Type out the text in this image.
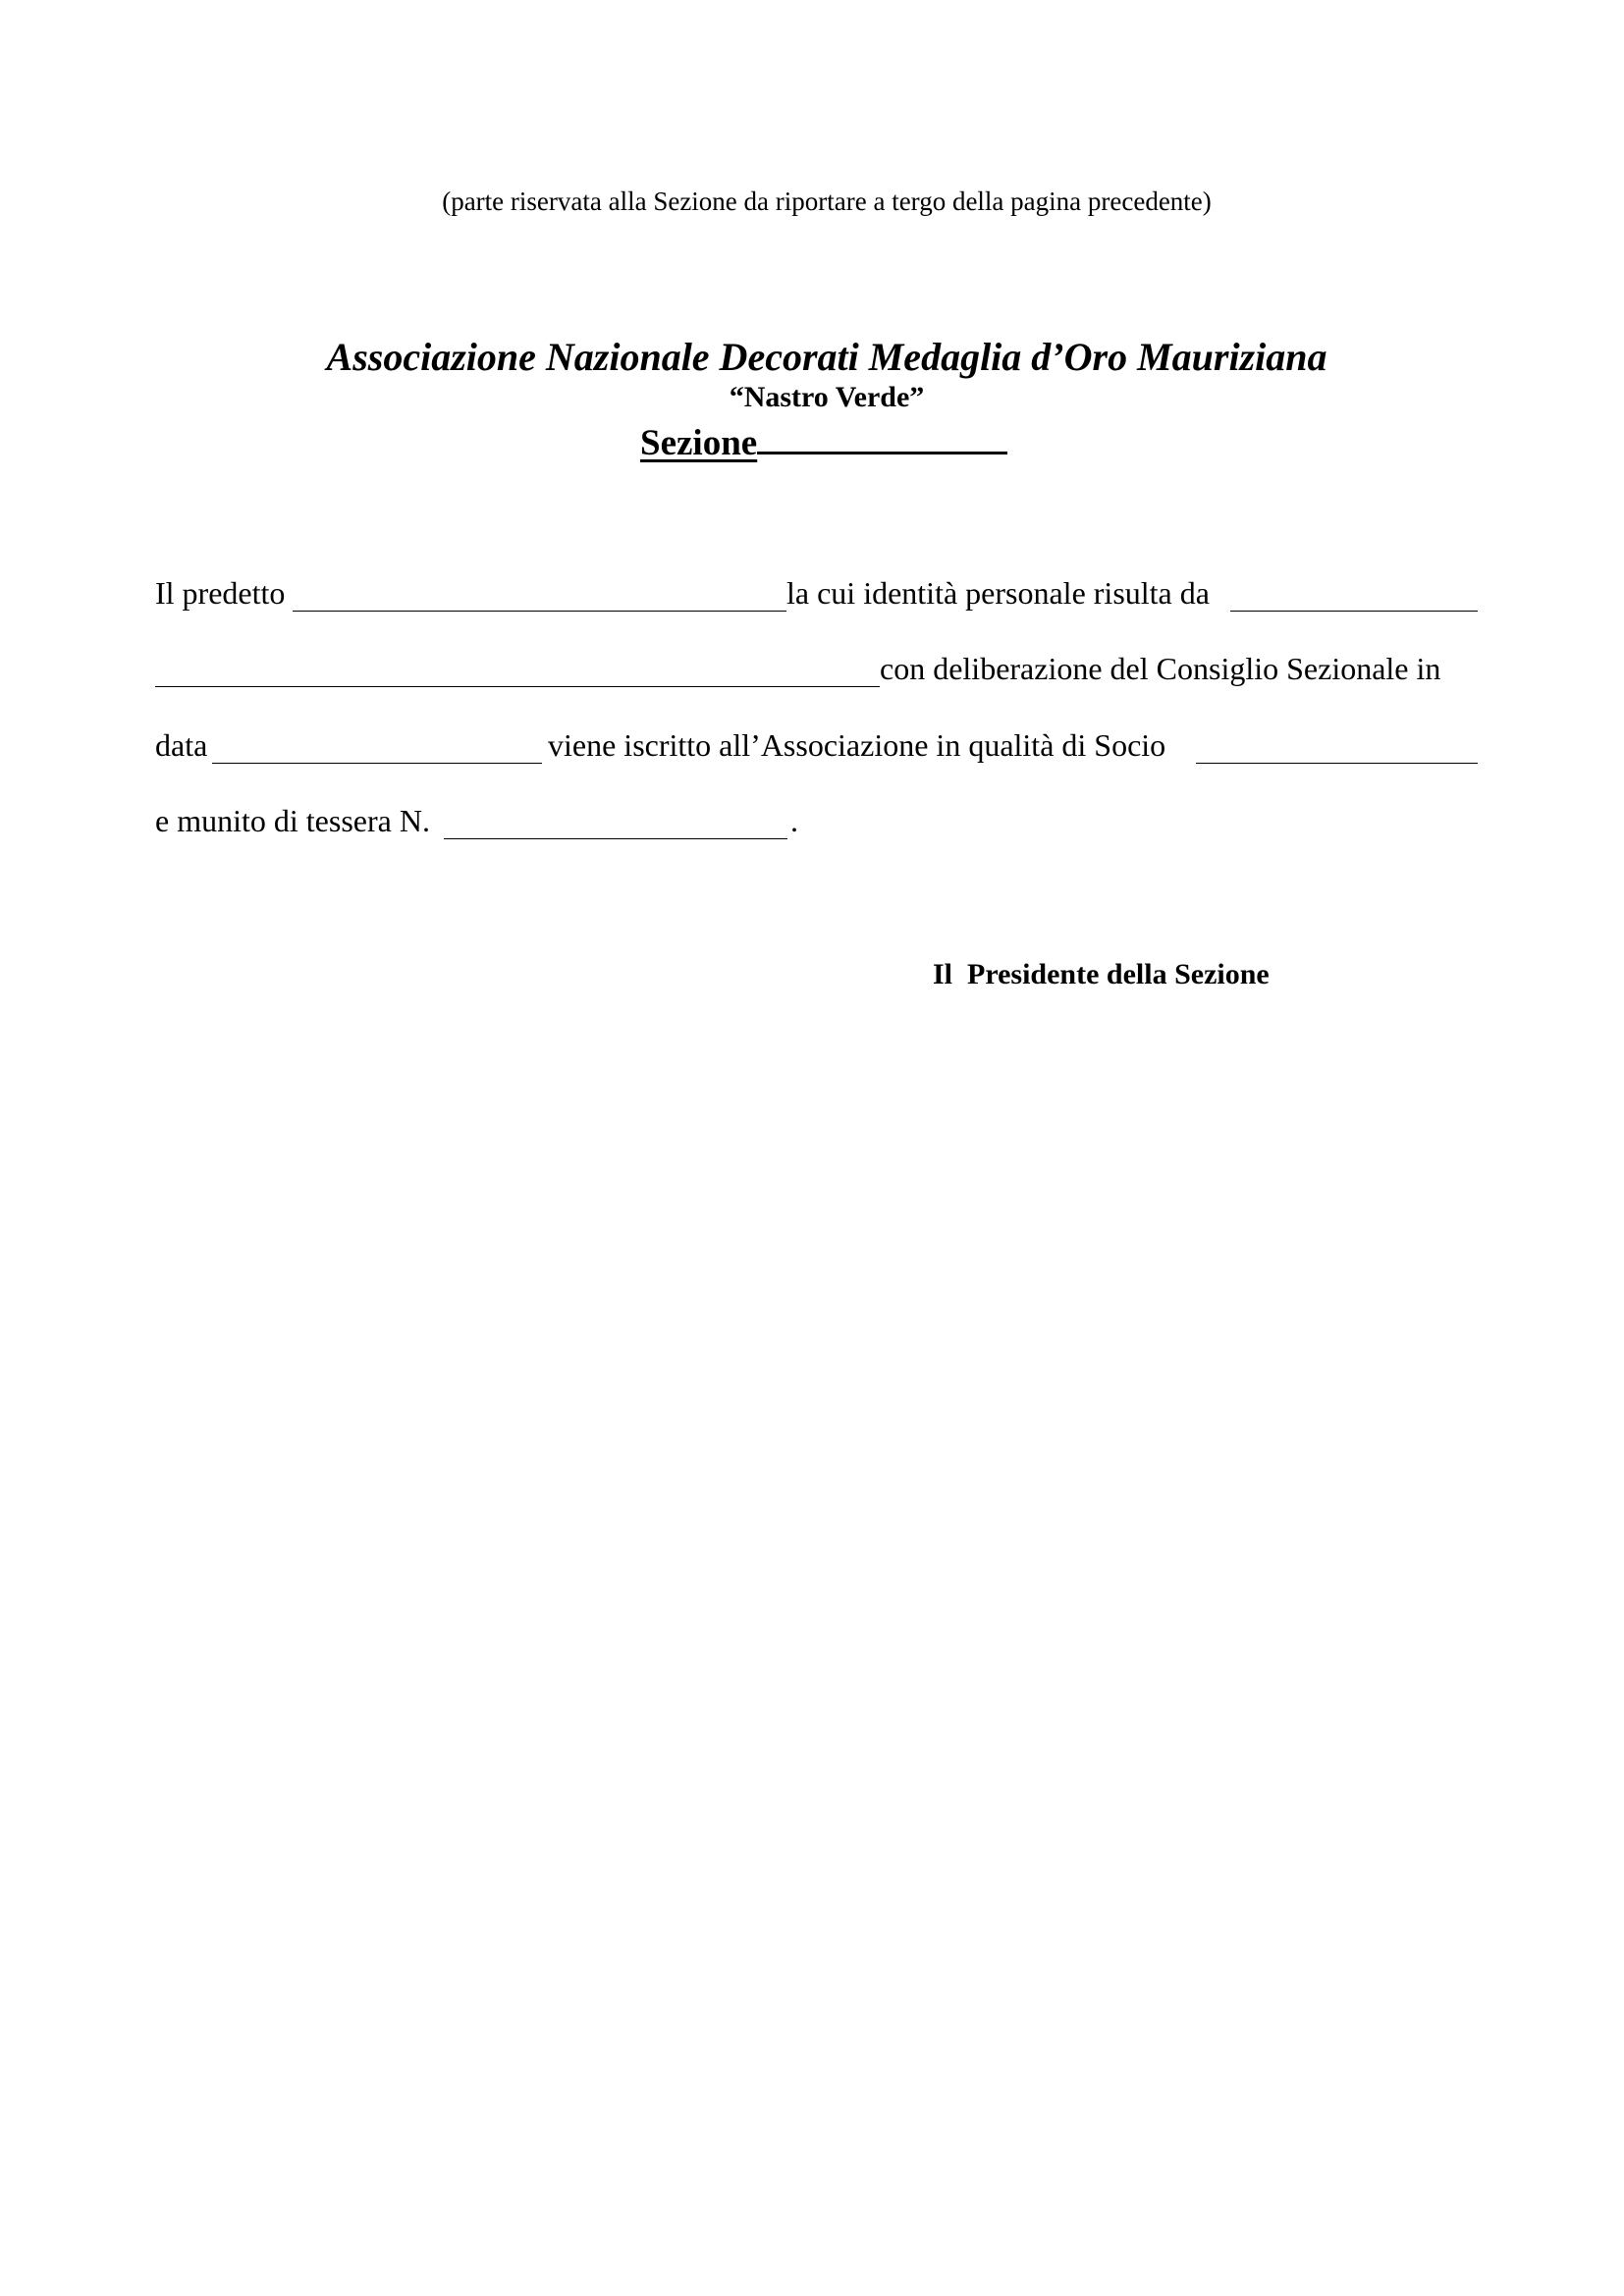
(parte riservata alla Sezione da riportare a tergo della pagina precedente)
Associazione Nazionale Decorati Medaglia d’Oro Mauriziana
“Nastro Verde”
Sezione
Il predetto	la cui identità personale risulta da
con deliberazione del Consiglio Sezionale in
data	viene iscritto all’Associazione in qualità di Socio
e munito di tessera N.	.
Il  Presidente della Sezione
